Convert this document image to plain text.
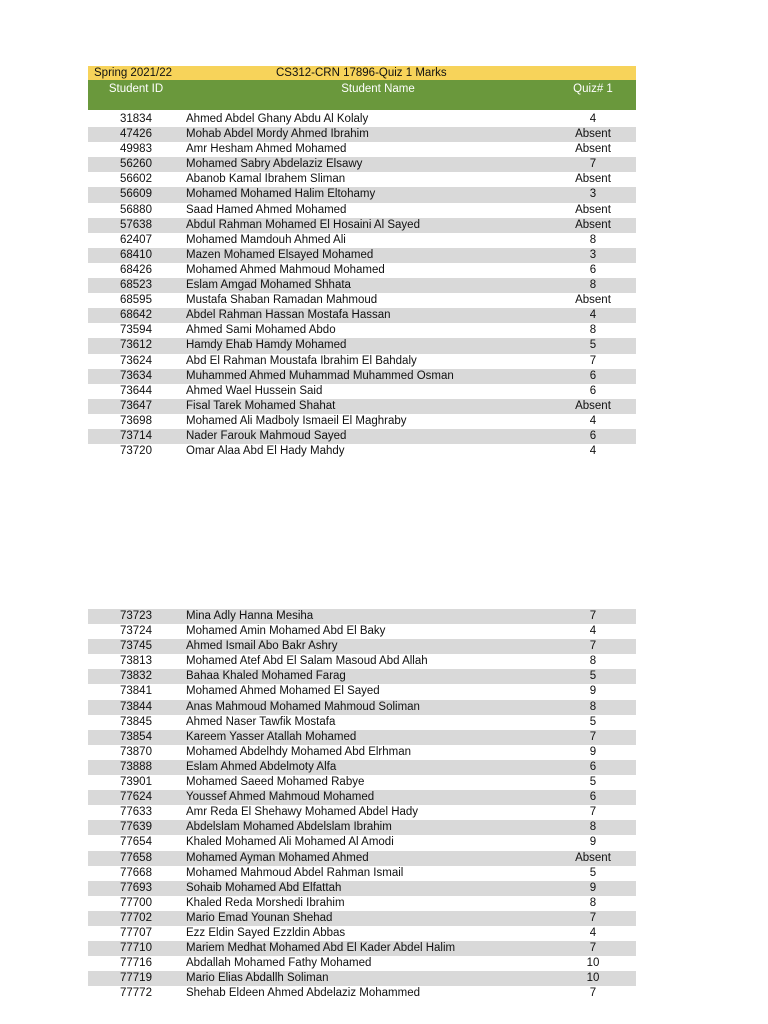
Spring 2021/22	CS312-CRN 17896-Quiz 1 Marks
Student ID	Student Name	Quiz# 1
31834	Ahmed Abdel Ghany Abdu Al Kolaly	4
47426	Mohab Abdel Mordy Ahmed Ibrahim	Absent
49983	Amr Hesham Ahmed Mohamed	Absent
56260	Mohamed Sabry Abdelaziz Elsawy	7
56602	Abanob Kamal Ibrahem Sliman	Absent
56609	Mohamed Mohamed Halim Eltohamy	3
56880	Saad Hamed Ahmed Mohamed	Absent
57638	Abdul Rahman Mohamed El Hosaini Al Sayed	Absent
62407	Mohamed Mamdouh Ahmed Ali	8
68410	Mazen Mohamed Elsayed Mohamed	3
68426	Mohamed Ahmed Mahmoud Mohamed	6
68523	Eslam Amgad Mohamed Shhata	8
68595	Mustafa Shaban Ramadan Mahmoud	Absent
68642	Abdel Rahman Hassan Mostafa Hassan	4
73594	Ahmed Sami Mohamed Abdo	8
73612	Hamdy Ehab Hamdy Mohamed	5
73624	Abd El Rahman Moustafa Ibrahim El Bahdaly	7
73634	Muhammed Ahmed Muhammad Muhammed Osman	6
73644	Ahmed Wael Hussein Said	6
73647	Fisal Tarek Mohamed Shahat	Absent
73698	Mohamed Ali Madboly Ismaeil El Maghraby	4
73714	Nader Farouk Mahmoud Sayed	6
73720	Omar Alaa Abd El Hady Mahdy	4
73723	Mina Adly Hanna Mesiha	7
73724	Mohamed Amin Mohamed Abd El Baky	4
73745	Ahmed Ismail Abo Bakr Ashry	7
73813	Mohamed Atef Abd El Salam Masoud Abd Allah	8
73832	Bahaa Khaled Mohamed Farag	5
73841	Mohamed Ahmed Mohamed El Sayed	9
73844	Anas Mahmoud Mohamed Mahmoud Soliman	8
73845	Ahmed Naser Tawfik Mostafa	5
73854	Kareem Yasser Atallah Mohamed	7
73870	Mohamed Abdelhdy Mohamed Abd Elrhman	9
73888	Eslam Ahmed Abdelmoty Alfa	6
73901	Mohamed Saeed Mohamed Rabye	5
77624	Youssef Ahmed Mahmoud Mohamed	6
77633	Amr Reda El Shehawy Mohamed Abdel Hady	7
77639	Abdelslam Mohamed Abdelslam Ibrahim	8
77654	Khaled Mohamed Ali Mohamed Al Amodi	9
77658	Mohamed Ayman Mohamed Ahmed	Absent
77668	Mohamed Mahmoud Abdel Rahman Ismail	5
77693	Sohaib Mohamed Abd Elfattah	9
77700	Khaled Reda Morshedi Ibrahim	8
77702	Mario Emad Younan Shehad	7
77707	Ezz Eldin Sayed Ezzldin Abbas	4
77710	Mariem Medhat Mohamed Abd El Kader Abdel Halim	7
77716	Abdallah Mohamed Fathy Mohamed	10
77719	Mario Elias Abdallh Soliman	10
77772	Shehab Eldeen Ahmed Abdelaziz Mohammed	7
